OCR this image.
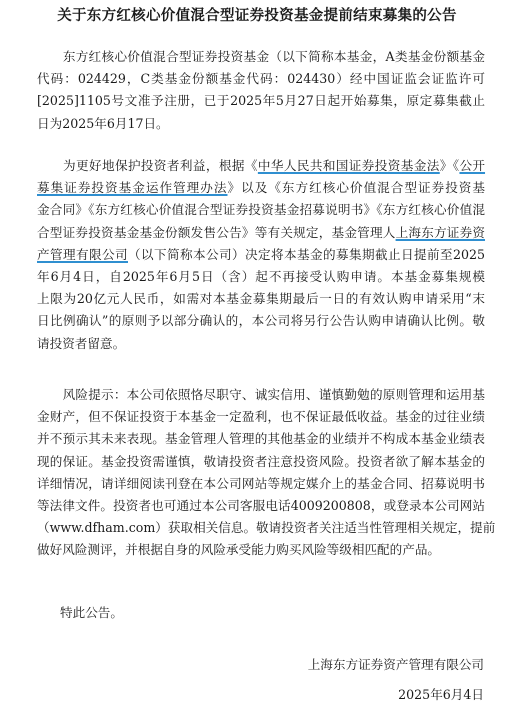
关于东方红核心价值混合型证券投资基金提前结束募集的公告
　　东方红核心价值混合型证券投资基金（以下简称本基金，A类基金份额基金
代码：024429，C类基金份额基金代码：024430）经中国证监会证监许可
[2025]1105号文准予注册，已于2025年5月27日起开始募集，原定募集截止
日为2025年6月17日。
　　为更好地保护投资者利益，根据《中华人民共和国证券投资基金法》《公开
募集证券投资基金运作管理办法》以及《东方红核心价值混合型证券投资基
金合同》《东方红核心价值混合型证券投资基金招募说明书》《东方红核心价值混
合型证券投资基金基金份额发售公告》等有关规定，基金管理人上海东方证券资
产管理有限公司（以下简称本公司）决定将本基金的募集期截止日提前至2025
年6月4日，自2025年6月5日（含）起不再接受认购申请。本基金募集规模
上限为20亿元人民币，如需对本基金募集期最后一日的有效认购申请采用“末
日比例确认”的原则予以部分确认的，本公司将另行公告认购申请确认比例。敬
请投资者留意。
　　风险提示：本公司依照恪尽职守、诚实信用、谨慎勤勉的原则管理和运用基
金财产，但不保证投资于本基金一定盈利，也不保证最低收益。基金的过往业绩
并不预示其未来表现。基金管理人管理的其他基金的业绩并不构成本基金业绩表
现的保证。基金投资需谨慎，敬请投资者注意投资风险。投资者欲了解本基金的
详细情况，请详细阅读刊登在本公司网站等规定媒介上的基金合同、招募说明书
等法律文件。投资者也可通过本公司客服电话4009200808，或登录本公司网站
（www.dfham.com）获取相关信息。敬请投资者关注适当性管理相关规定，提前
做好风险测评，并根据自身的风险承受能力购买风险等级相匹配的产品。
特此公告。
上海东方证券资产管理有限公司
2025年6月4日
